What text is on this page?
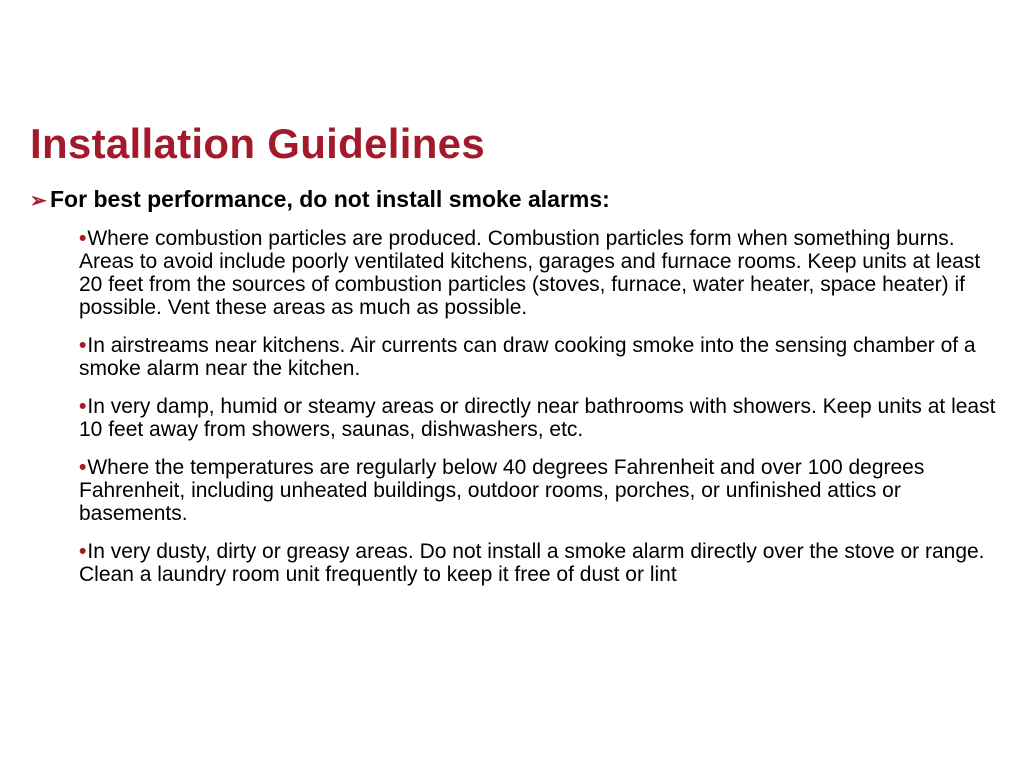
Installation Guidelines

➢ For best performance, do not install smoke alarms:

•Where combustion particles are produced. Combustion particles form when something burns. Areas to avoid include poorly ventilated kitchens, garages and furnace rooms. Keep units at least 20 feet from the sources of combustion particles (stoves, furnace, water heater, space heater) if possible. Vent these areas as much as possible.
•In airstreams near kitchens. Air currents can draw cooking smoke into the sensing chamber of a smoke alarm near the kitchen.
•In very damp, humid or steamy areas or directly near bathrooms with showers. Keep units at least 10 feet away from showers, saunas, dishwashers, etc.
•Where the temperatures are regularly below 40 degrees Fahrenheit and over 100 degrees Fahrenheit, including unheated buildings, outdoor rooms, porches, or unfinished attics or basements.
•In very dusty, dirty or greasy areas. Do not install a smoke alarm directly over the stove or range. Clean a laundry room unit frequently to keep it free of dust or lint
